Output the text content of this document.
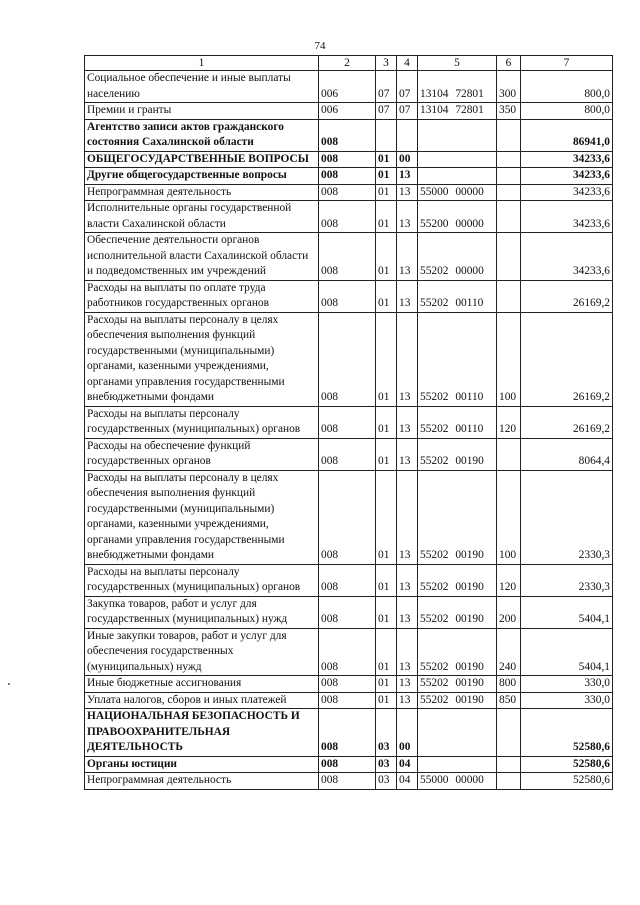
74
1	2	3	4	5	6	7
Социальное обеспечение и иные выплаты населению	006	07	07	13104 72801	300	800,0
Премии и гранты	006	07	07	13104 72801	350	800,0
Агентство записи актов гражданского состояния Сахалинской области	008					86941,0
ОБЩЕГОСУДАРСТВЕННЫЕ ВОПРОСЫ	008	01	00			34233,6
Другие общегосударственные вопросы	008	01	13			34233,6
Непрограммная деятельность	008	01	13	55000 00000		34233,6
Исполнительные органы государственной власти Сахалинской области	008	01	13	55200 00000		34233,6
Обеспечение деятельности органов исполнительной власти Сахалинской области и подведомственных им учреждений	008	01	13	55202 00000		34233,6
Расходы на выплаты по оплате труда работников государственных органов	008	01	13	55202 00110		26169,2
Расходы на выплаты персоналу в целях обеспечения выполнения функций государственными (муниципальными) органами, казенными учреждениями, органами управления государственными внебюджетными фондами	008	01	13	55202 00110	100	26169,2
Расходы на выплаты персоналу государственных (муниципальных) органов	008	01	13	55202 00110	120	26169,2
Расходы на обеспечение функций государственных органов	008	01	13	55202 00190		8064,4
Расходы на выплаты персоналу в целях обеспечения выполнения функций государственными (муниципальными) органами, казенными учреждениями, органами управления государственными внебюджетными фондами	008	01	13	55202 00190	100	2330,3
Расходы на выплаты персоналу государственных (муниципальных) органов	008	01	13	55202 00190	120	2330,3
Закупка товаров, работ и услуг для государственных (муниципальных) нужд	008	01	13	55202 00190	200	5404,1
Иные закупки товаров, работ и услуг для обеспечения государственных (муниципальных) нужд	008	01	13	55202 00190	240	5404,1
Иные бюджетные ассигнования	008	01	13	55202 00190	800	330,0
Уплата налогов, сборов и иных платежей	008	01	13	55202 00190	850	330,0
НАЦИОНАЛЬНАЯ БЕЗОПАСНОСТЬ И ПРАВООХРАНИТЕЛЬНАЯ ДЕЯТЕЛЬНОСТЬ	008	03	00			52580,6
Органы юстиции	008	03	04			52580,6
Непрограммная деятельность	008	03	04	55000 00000		52580,6
